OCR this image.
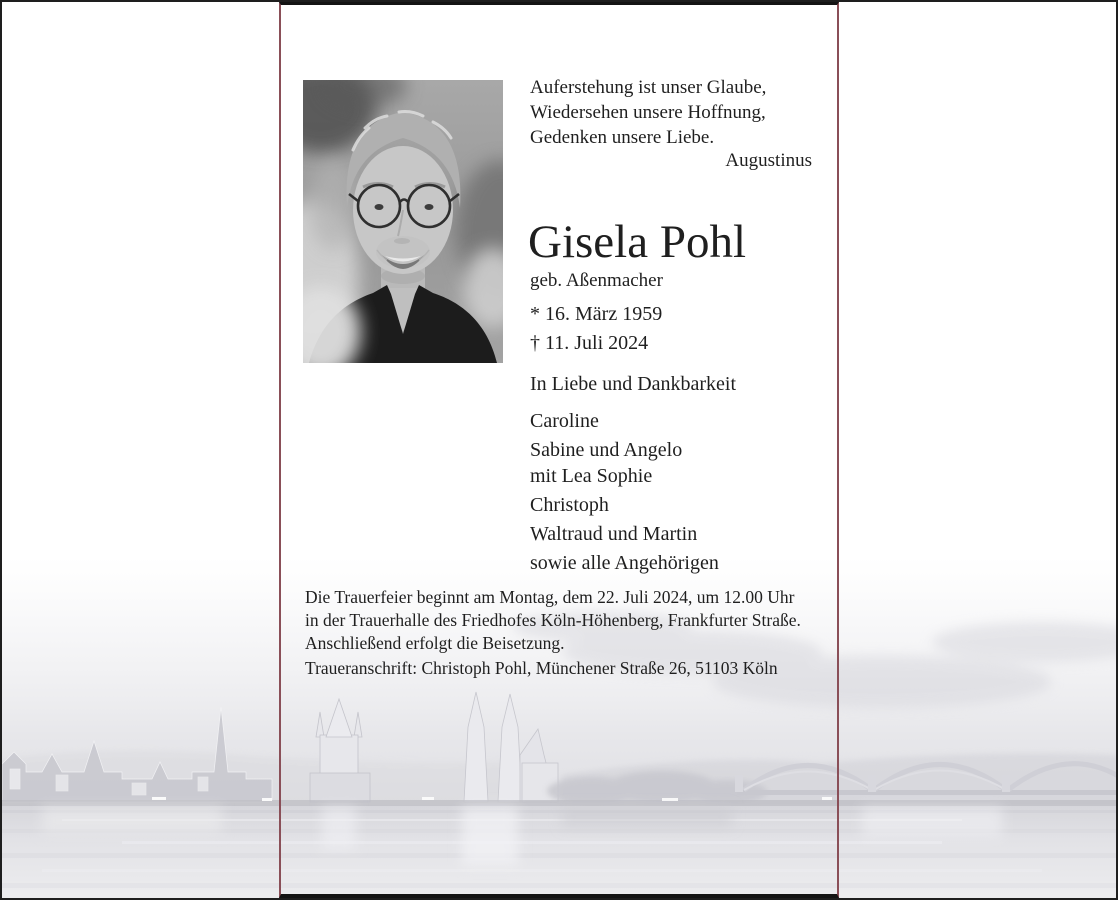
Auferstehung ist unser Glaube,
Wiedersehen unsere Hoffnung,
Gedenken unsere Liebe.
Augustinus
Gisela Pohl
geb. Aßenmacher
* 16. März 1959
† 11. Juli 2024
In Liebe und Dankbarkeit
Caroline
Sabine und Angelo
mit Lea Sophie
Christoph
Waltraud und Martin
sowie alle Angehörigen
Die Trauerfeier beginnt am Montag, dem 22. Juli 2024, um 12.00 Uhr
in der Trauerhalle des Friedhofes Köln-Höhenberg, Frankfurter Straße.
Anschließend erfolgt die Beisetzung.
Traueranschrift: Christoph Pohl, Münchener Straße 26, 51103 Köln
